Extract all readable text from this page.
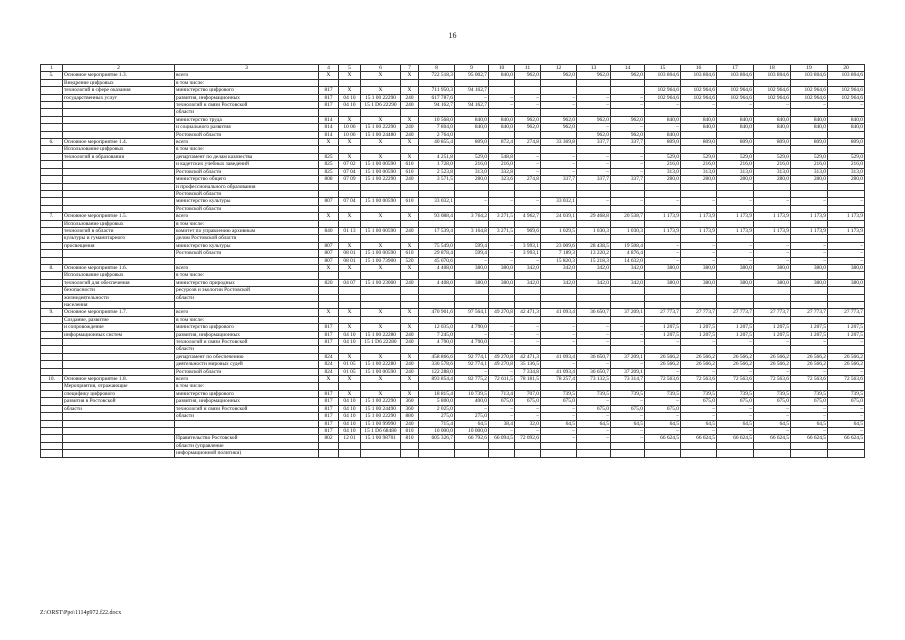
16
1	2	3	4	5	6	7	8	9	10	11	12	13	14	15	16	17	18	19	20
5.	Основное мероприятие 1.3.	всего	X	X	X	X	722 518,3	95 002,7	840,0	962,0	962,0	962,0	962,0	103 804,6	103 804,6	103 804,6	103 804,6	103 804,6	103 804,6
	Внедрение цифровых	в том числе:																	
	технологий в сфере оказания	министерство цифрового	817	X	X	X	711 950,3	94 162,7						102 964,6	102 964,6	102 964,6	102 964,6	102 964,6	102 964,6
	государственных услуг	развития, информационных	817	04 10	15 1 00 22290	240	617 787,6	–	–	–	–	–	–	102 964,6	102 964,6	102 964,6	102 964,6	102 964,6	102 964,6
		технологий и связи Ростовской	817	04 10	15 1 D6 22290	240	94 162,7	94 162,7	–	–	–	–	–	–	–	–	–	–	–
		области																	
		министерство труда	814	X	X	X	10 568,0	840,0	840,0	962,0	962,0	962,0	962,0	840,0	840,0	840,0	840,0	840,0	840,0
		и социального развития	814	10 06	15 1 00 22290	240	7 804,0	840,0	840,0	962,0	962,0	–	–	–	840,0	840,0	840,0	840,0	840,0
		Ростовской области	814	10 06	15 1 00 24480	240	2 764,0					962,0	962,0	840,0					
6.	Основное мероприятие 1.4.	всего	X	X	X	X	40 855,4	809,0	872,4	274,8	33 369,8	337,7	337,7	809,0	809,0	809,0	809,0	809,0	809,0
	Использование цифровых	в том числе:																	
	технологий в образовании	департамент по делам казачества	825	X	X	X	4 251,8	529,0	548,8	–	–	–	–	529,0	529,0	529,0	529,0	529,0	529,0
		и кадетских учебных заведений	825	07 02	15 1 00 00590	610	1 728,0	216,0	216,0	–	–	–	–	216,0	216,0	216,0	216,0	216,0	216,0
		Ростовской области	825	07 04	15 1 00 00590	610	2 523,8	313,0	332,8	–	–	–	–	313,0	313,0	313,0	313,0	313,0	313,0
		министерство общего	808	07 09	15 1 00 22290	240	3 571,5	280,0	323,6	274,8	337,7	337,7	337,7	280,0	280,0	280,0	280,0	280,0	280,0
		и профессионального образования																	
		Ростовской области																	
		министерство культуры	807	07 04	15 1 00 00590	610	33 032,1	–	–	–	33 032,1	–	–	–	–	–	–	–	–
		Ростовской области																	
7.	Основное мероприятие 1.5.	всего	X	X	X	X	93 088,4	3 764,2	3 271,5	4 962,7	24 039,1	29 468,8	20 538,7	1 173,9	1 173,9	1 173,9	1 173,9	1 173,9	1 173,9
	Использование цифровых	в том числе:																	
	технологий в области	комитет по управлению архивным	840	01 13	15 1 00 00590	240	17 539,4	3 164,8	3 271,5	969,6	1 029,5	1 030,3	1 030,3	1 173,9	1 173,9	1 173,9	1 173,9	1 173,9	1 173,9
	культуры и гуманитарного	делом Ростовской области																	
	просвещения	министерство культуры	807	X	X	X	75 549,0	599,4	–	3 993,1	23 009,6	28 438,5	19 508,4	–	–	–	–	–	–
		Ростовской области	807	08 01	15 1 00 00590	610	29 878,4	599,4	–	3 993,1	7 189,3	13 220,2	4 876,4	–	–	–	–	–	–
			807	08 01	15 1 00 73900	520	45 670,6	–	–	–	15 820,3	15 218,3	14 632,0	–	–	–	–	–	–
8.	Основное мероприятие 1.6.	всего	X	X	X	X	4 408,0	380,0	380,0	342,0	342,0	342,0	342,0	380,0	380,0	380,0	380,0	380,0	380,0
	Использование цифровых	в том числе:																	
	технологий для обеспечения	министерство природных	820	04 07	15 1 00 23000	240	4 408,0	380,0	380,0	342,0	342,0	342,0	342,0	380,0	380,0	380,0	380,0	380,0	380,0
	безопасности	ресурсов и экологии Ростовской																	
	жизнедеятельности	области																	
	населения																		
9.	Основное мероприятие 1.7.	всего	X	X	X	X	470 901,6	97 564,1	49 270,8	42 471,3	41 093,4	36 650,7	37 209,1	27 773,7	27 773,7	27 773,7	27 773,7	27 773,7	27 773,7
	Создание, развитие	в том числе:																	
	и сопровождение	министерство цифрового	817	X	X	X	12 035,0	4 790,0	–	–	–	–	–	1 207,5	1 207,5	1 207,5	1 207,5	1 207,5	1 207,5
	информационных систем	развития, информационных	817	04 10	15 1 00 22280	240	7 245,0	–	–	–	–	–	–	1 207,5	1 207,5	1 207,5	1 207,5	1 207,5	1 207,5
		технологий и связи Ростовской	817	04 10	15 1 D6 22280	240	4 790,0	4 790,0	–	–	–	–	–	–	–	–	–	–	–
		области																	
		департамент по обеспечению	824	X	X	X	458 866,6	92 774,1	49 270,8	42 471,3	41 093,4	36 650,7	37 209,1	26 566,2	26 566,2	26 566,2	26 566,2	26 566,2	26 566,2
		деятельности мировых судей	824	01 05	15 1 00 22280	240	336 578,6	92 774,1	49 270,8	35 136,5	–	–	–	26 566,2	26 566,2	26 566,2	26 566,2	26 566,2	26 566,2
		Ростовской области	824	01 05	15 1 00 00590	240	122 288,0	–	–	7 334,8	41 093,4	36 650,7	37 209,1	–	–	–	–	–	–
10.	Основное мероприятие 1.8.	всего	X	X	X	X	893 854,4	82 775,2	72 611,5	78 181,5	78 257,4	73 132,5	73 314,7	72 563,6	72 563,6	72 563,6	72 563,6	72 563,6	72 563,6
	Мероприятия, отражающие	в том числе:																	
	специфику цифрового	министерство цифрового	817	X	X	X	18 815,4	10 739,5	713,4	707,0	739,5	739,5	739,5	739,5	739,5	739,5	739,5	739,5	739,5
	развития в Ростовской	развития, информационных	817	04 10	15 1 00 22290	360	5 800,0	400,0	675,0	675,0	675,0	–	–	–	675,0	675,0	675,0	675,0	675,0
	области	технологий и связи Ростовской	817	04 10	15 1 00 24490	360	2 025,0	–	–	–	–	675,0	675,0	675,0	–	–	–	–	–
		области	817	04 10	15 1 00 22290	880	275,0	275,0	–	–	–	–	–	–	–	–	–	–	–
			817	04 10	15 1 00 99990	240	715,4	64,5	38,4	32,0	64,5	64,5	64,5	64,5	64,5	64,5	64,5	64,5	64,5
			817	04 10	15 1 D6 68480	810	10 000,0	10 000,0	–	–	–	–	–	–	–	–	–	–	–
		Правительство Ростовской	802	12 01	15 1 00 98701	810	605 326,7	66 792,6	66 094,5	72 092,6	–	–	–	66 624,5	66 624,5	66 624,5	66 624,5	66 624,5	66 624,5
		области (управление																	
		информационной политики)																	
Z:\ORST\Ppo\1114p972.f22.docx
